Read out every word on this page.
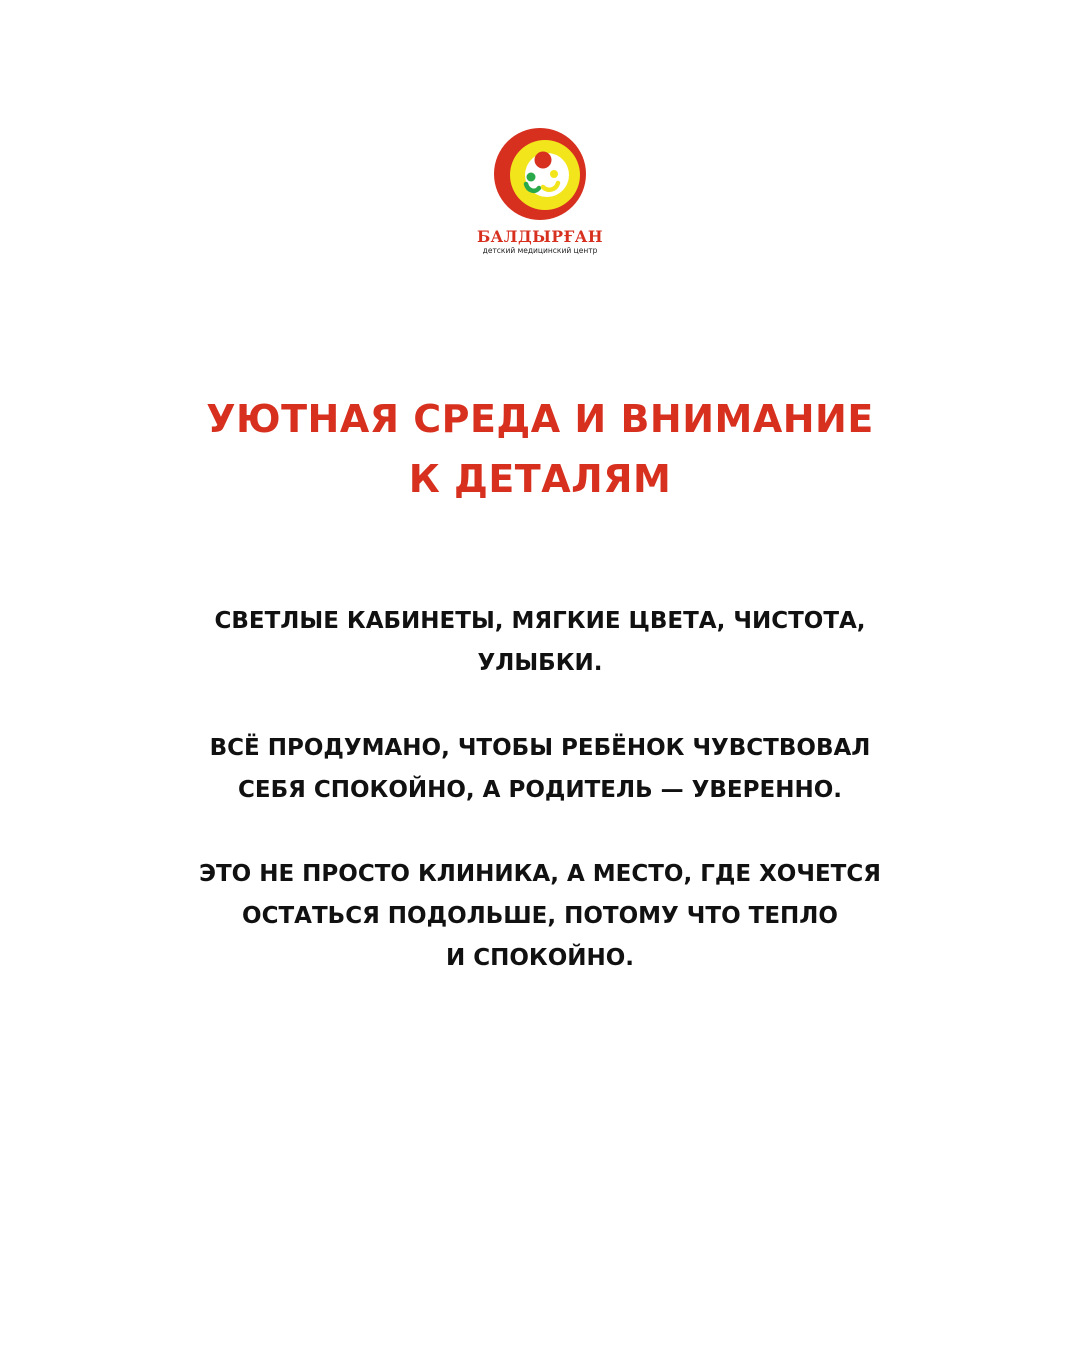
БАЛДЫРҒАН
детский медицинский центр
УЮТНАЯ СРЕДА И ВНИМАНИЕ
К ДЕТАЛЯМ

СВЕТЛЫЕ КАБИНЕТЫ, МЯГКИЕ ЦВЕТА, ЧИСТОТА,
УЛЫБКИ.

ВСЁ ПРОДУМАНО, ЧТОБЫ РЕБЁНОК ЧУВСТВОВАЛ
СЕБЯ СПОКОЙНО, А РОДИТЕЛЬ — УВЕРЕННО.

ЭТО НЕ ПРОСТО КЛИНИКА, А МЕСТО, ГДЕ ХОЧЕТСЯ
ОСТАТЬСЯ ПОДОЛЬШЕ, ПОТОМУ ЧТО ТЕПЛО
И СПОКОЙНО.
